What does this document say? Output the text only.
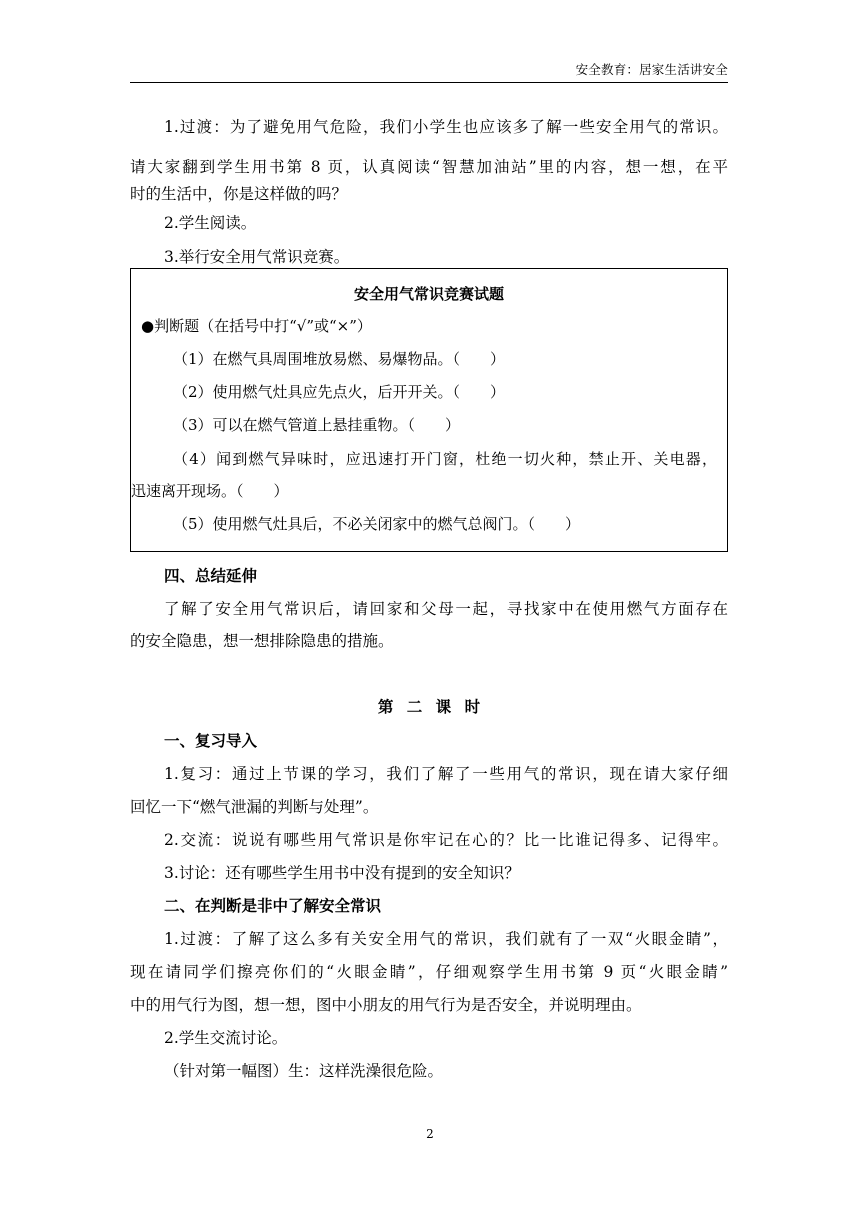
安全教育：居家生活讲安全
1.过渡：为了避免用气危险，我们小学生也应该多了解一些安全用气的常识。
请大家翻到学生用书第 8 页，认真阅读“智慧加油站”里的内容，想一想，在平
时的生活中，你是这样做的吗？
2.学生阅读。
3.举行安全用气常识竞赛。
安全用气常识竞赛试题
●判断题（在括号中打“√”或“×”）
（1）在燃气具周围堆放易燃、易爆物品。（　　）
（2）使用燃气灶具应先点火，后开开关。（　　）
（3）可以在燃气管道上悬挂重物。（　　）
（4）闻到燃气异味时，应迅速打开门窗，杜绝一切火种，禁止开、关电器，
迅速离开现场。（　　）
（5）使用燃气灶具后，不必关闭家中的燃气总阀门。（　　）
四、总结延伸
了解了安全用气常识后，请回家和父母一起，寻找家中在使用燃气方面存在
的安全隐患，想一想排除隐患的措施。
第 二 课 时
一、复习导入
1.复习：通过上节课的学习，我们了解了一些用气的常识，现在请大家仔细
回忆一下“燃气泄漏的判断与处理”。
2.交流：说说有哪些用气常识是你牢记在心的？比一比谁记得多、记得牢。
3.讨论：还有哪些学生用书中没有提到的安全知识？
二、在判断是非中了解安全常识
1.过渡：了解了这么多有关安全用气的常识，我们就有了一双“火眼金睛”，
现在请同学们擦亮你们的“火眼金睛”，仔细观察学生用书第 9 页“火眼金睛”
中的用气行为图，想一想，图中小朋友的用气行为是否安全，并说明理由。
2.学生交流讨论。
（针对第一幅图）生：这样洗澡很危险。
2
